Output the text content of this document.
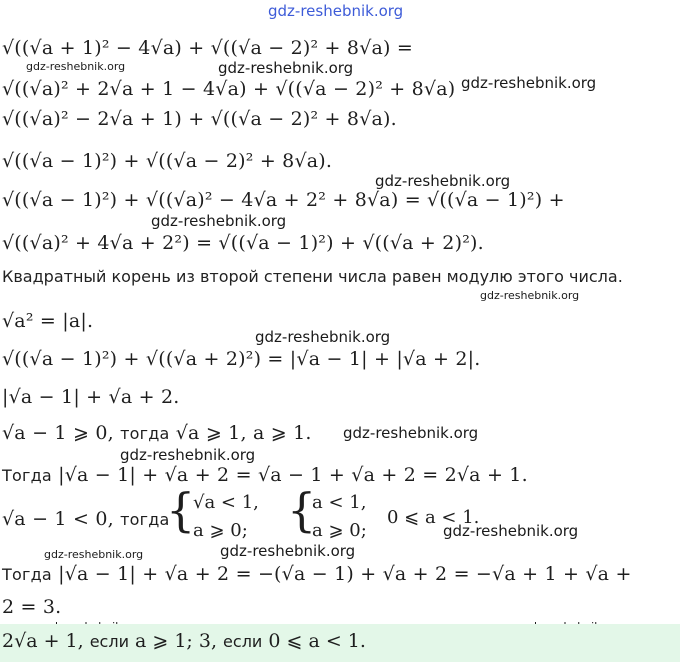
gdz-reshebnik.org
√((√a + 1)² − 4√a) + √((√a − 2)² + 8√a) =
gdz-reshebnik.org	gdz-reshebnik.org
√((√a)² + 2√a + 1 − 4√a) + √((√a − 2)² + 8√a) gdz-reshebnik.org
√((√a)² − 2√a + 1) + √((√a − 2)² + 8√a).
√((√a − 1)²) + √((√a − 2)² + 8√a).
gdz-reshebnik.org
√((√a − 1)²) + √((√a)² − 4√a + 2² + 8√a) = √((√a − 1)²) +
gdz-reshebnik.org
√((√a)² + 4√a + 2²) = √((√a − 1)²) + √((√a + 2)²).
Квадратный корень из второй степени числа равен модулю этого числа.
gdz-reshebnik.org
√a² = |a|.
gdz-reshebnik.org
√((√a − 1)²) + √((√a + 2)²) = |√a − 1| + |√a + 2|.
|√a − 1| + √a + 2.
√a − 1 ⩾ 0, тогда √a ⩾ 1, a ⩾ 1. gdz-reshebnik.org
gdz-reshebnik.org
Тогда |√a − 1| + √a + 2 = √a − 1 + √a + 2 = 2√a + 1.
√a − 1 < 0, тогда
{
√a < 1,
a ⩾ 0; {
a < 1,
a ⩾ 0;
0 ⩽ a < 1.
gdz-reshebnik.org
gdz-reshebnik.org	gdz-reshebnik.org
Тогда |√a − 1| + √a + 2 = −(√a − 1) + √a + 2 = −√a + 1 + √a +
2 = 3.
2√a + 1, если a ⩾ 1; 3, если 0 ⩽ a < 1.
